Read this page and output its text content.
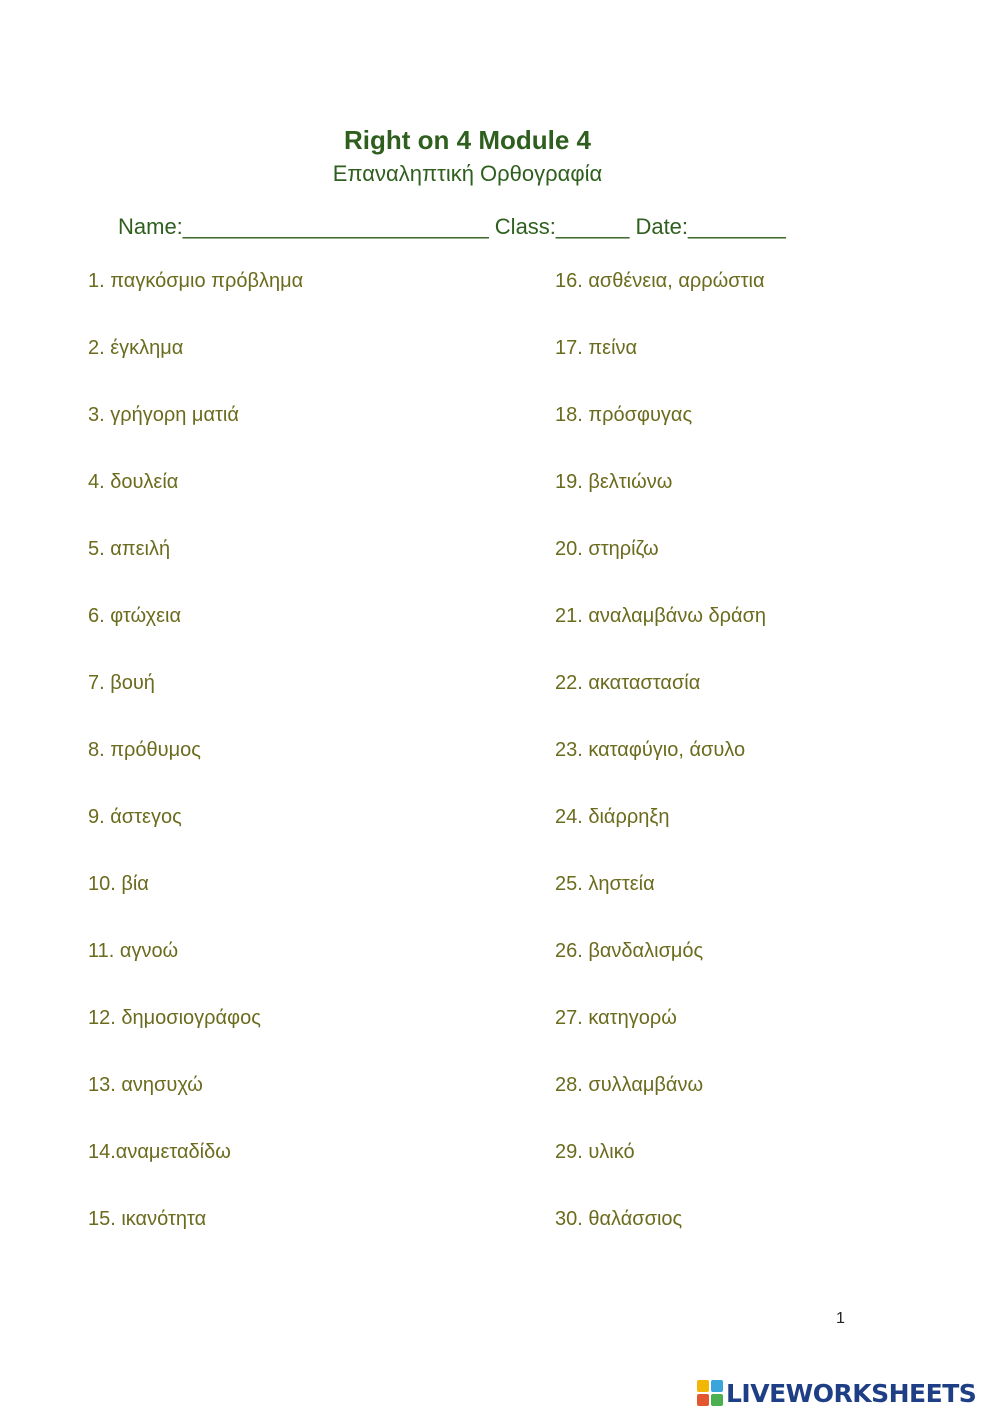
Right on 4 Module 4
Επαναληπτική Ορθογραφία
Name:_________________________ Class:______ Date:________
1. παγκόσμιο πρόβλημα
2. έγκλημα
3. γρήγορη ματιά
4. δουλεία
5. απειλή
6. φτώχεια
7. βουή
8. πρόθυμος
9. άστεγος
10. βία
11. αγνοώ
12. δημοσιογράφος
13. ανησυχώ
14.αναμεταδίδω
15. ικανότητα
16. ασθένεια, αρρώστια
17. πείνα
18. πρόσφυγας
19. βελτιώνω
20. στηρίζω
21. αναλαμβάνω δράση
22. ακαταστασία
23. καταφύγιο, άσυλο
24. διάρρηξη
25. ληστεία
26. βανδαλισμός
27. κατηγορώ
28. συλλαμβάνω
29. υλικό
30. θαλάσσιος
1
LIVEWORKSHEETS
